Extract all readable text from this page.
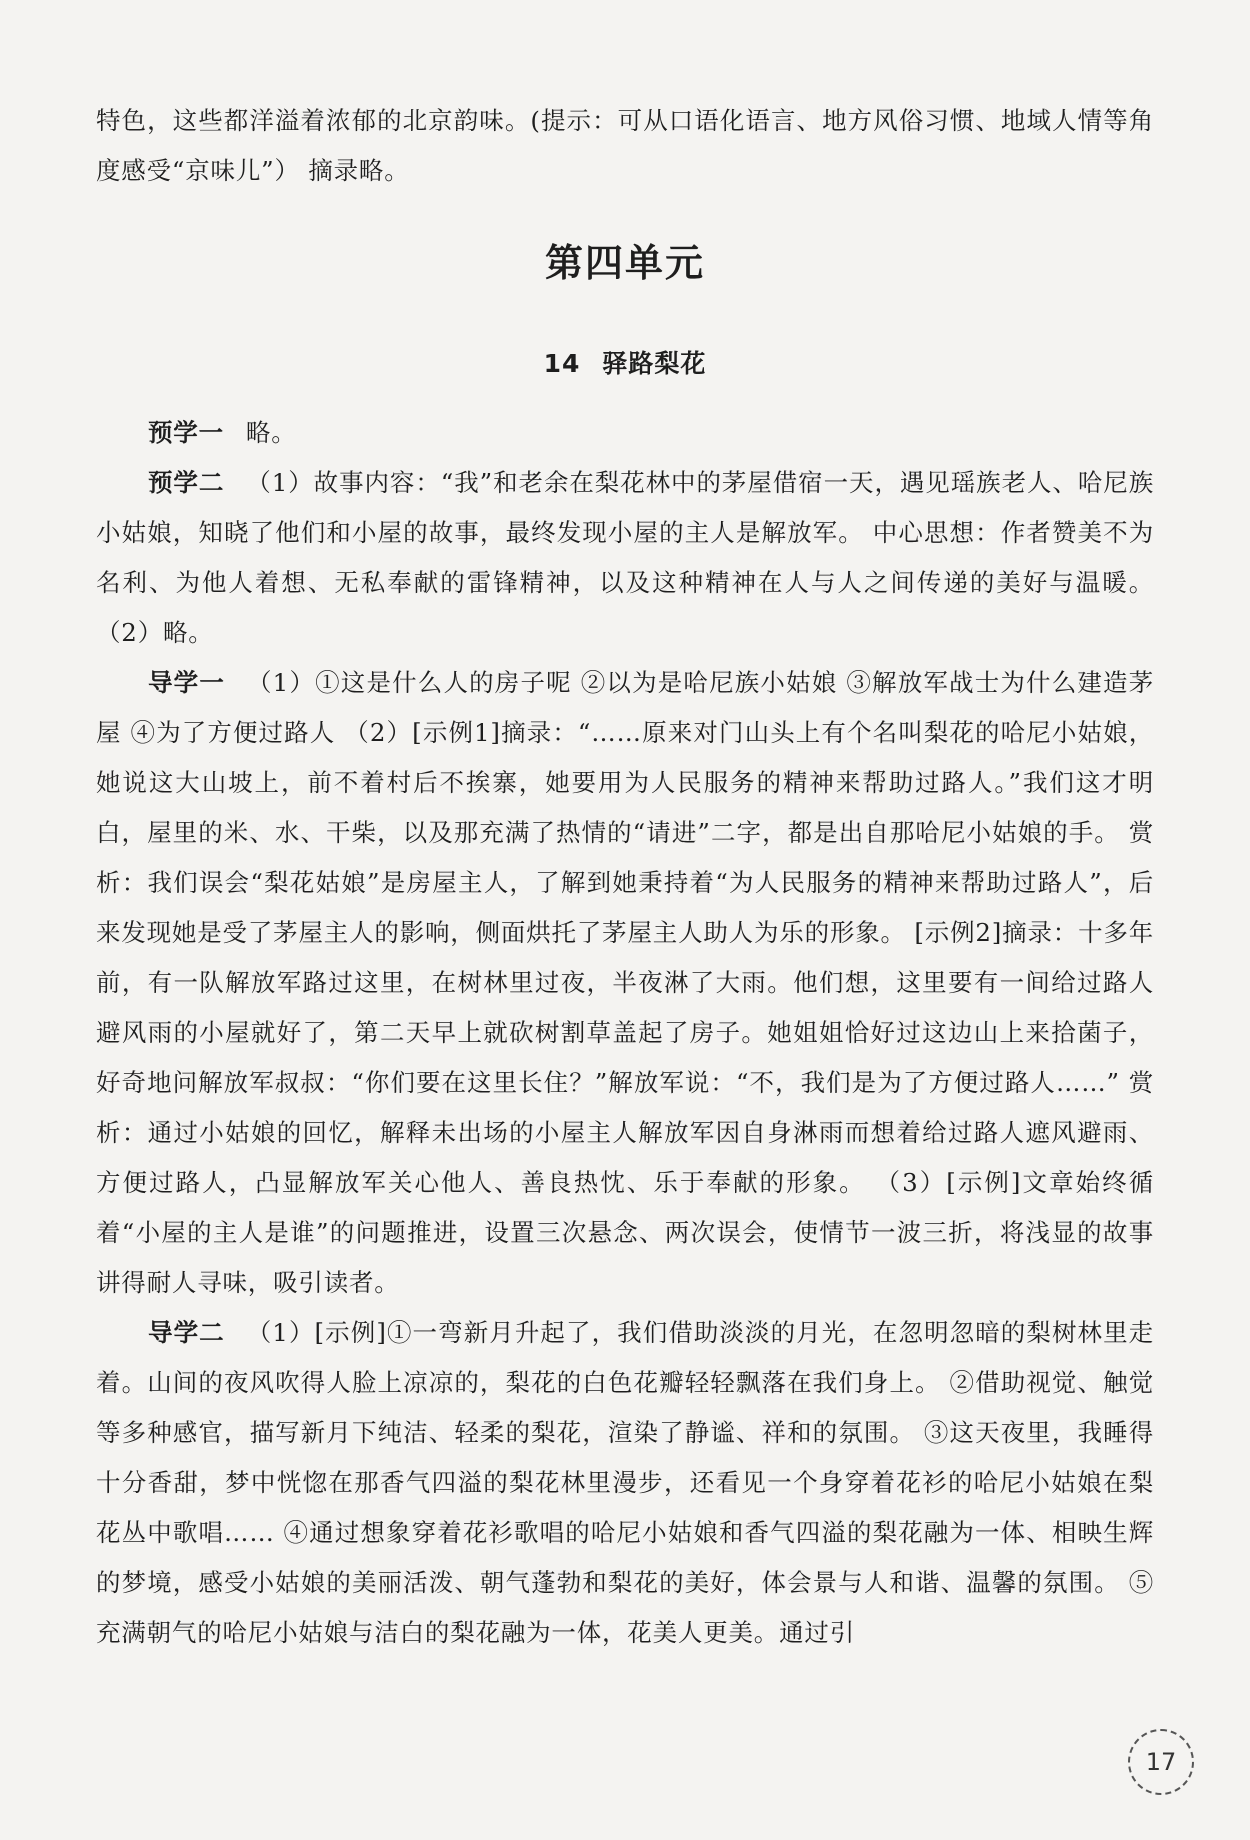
特色，这些都洋溢着浓郁的北京韵味。(提示：可从口语化语言、地方风俗习惯、地域人情等角度感受“京味儿”） 摘录略。

第四单元
14 驿路梨花

预学一 略。

预学二 （1）故事内容：“我”和老余在梨花林中的茅屋借宿一天，遇见瑶族老人、哈尼族小姑娘，知晓了他们和小屋的故事，最终发现小屋的主人是解放军。 中心思想：作者赞美不为名利、为他人着想、无私奉献的雷锋精神，以及这种精神在人与人之间传递的美好与温暖。 （2）略。

导学一 （1）①这是什么人的房子呢 ②以为是哈尼族小姑娘 ③解放军战士为什么建造茅屋 ④为了方便过路人 （2）[示例1]摘录：“……原来对门山头上有个名叫梨花的哈尼小姑娘，她说这大山坡上，前不着村后不挨寨，她要用为人民服务的精神来帮助过路人。”我们这才明白，屋里的米、水、干柴，以及那充满了热情的“请进”二字，都是出自那哈尼小姑娘的手。 赏析：我们误会“梨花姑娘”是房屋主人，了解到她秉持着“为人民服务的精神来帮助过路人”，后来发现她是受了茅屋主人的影响，侧面烘托了茅屋主人助人为乐的形象。 [示例2]摘录：十多年前，有一队解放军路过这里，在树林里过夜，半夜淋了大雨。他们想，这里要有一间给过路人避风雨的小屋就好了，第二天早上就砍树割草盖起了房子。她姐姐恰好过这边山上来拾菌子，好奇地问解放军叔叔：“你们要在这里长住？”解放军说：“不，我们是为了方便过路人……” 赏析：通过小姑娘的回忆，解释未出场的小屋主人解放军因自身淋雨而想着给过路人遮风避雨、方便过路人，凸显解放军关心他人、善良热忱、乐于奉献的形象。 （3）[示例]文章始终循着“小屋的主人是谁”的问题推进，设置三次悬念、两次误会，使情节一波三折，将浅显的故事讲得耐人寻味，吸引读者。

导学二 （1）[示例]①一弯新月升起了，我们借助淡淡的月光，在忽明忽暗的梨树林里走着。山间的夜风吹得人脸上凉凉的，梨花的白色花瓣轻轻飘落在我们身上。 ②借助视觉、触觉等多种感官，描写新月下纯洁、轻柔的梨花，渲染了静谧、祥和的氛围。 ③这天夜里，我睡得十分香甜，梦中恍惚在那香气四溢的梨花林里漫步，还看见一个身穿着花衫的哈尼小姑娘在梨花丛中歌唱…… ④通过想象穿着花衫歌唱的哈尼小姑娘和香气四溢的梨花融为一体、相映生辉的梦境，感受小姑娘的美丽活泼、朝气蓬勃和梨花的美好，体会景与人和谐、温馨的氛围。 ⑤充满朝气的哈尼小姑娘与洁白的梨花融为一体，花美人更美。通过引

17
